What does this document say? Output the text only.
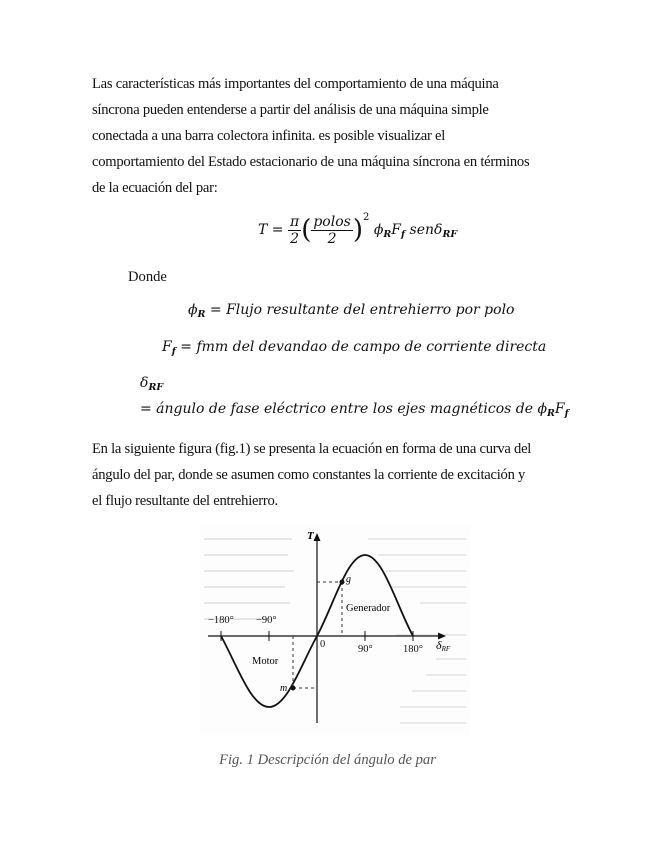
Las características más importantes del comportamiento de una máquina
síncrona pueden entenderse a partir del análisis de una máquina simple
conectada a una barra colectora infinita. es posible visualizar el
comportamiento del Estado estacionario de una máquina síncrona en términos
de la ecuación del par:

$T = \frac{\pi}{2}$ ( $\frac{\text{polos}}{2} )^2$ $\phi_RF_f$ senδ$_{RF}$
Donde
$\phi_R$ = Flujo resultante del entrehierro por polo
$F_f$ = fmm del devandao de campo de corriente directa
$\delta_{RF}$
= ángulo de fase eléctrico entre los ejes magnéticos de $\phi_RF_f$

En la siguiente figura (fig.1) se presenta la ecuación en forma de una curva del
ángulo del par, donde se asumen como constantes la corriente de excitación y
el flujo resultante del entrehierro.

T
δRF
−180° −90°
0	90°	180°
g
m
Generador
Motor
Fig. 1 Descripción del ángulo de par
